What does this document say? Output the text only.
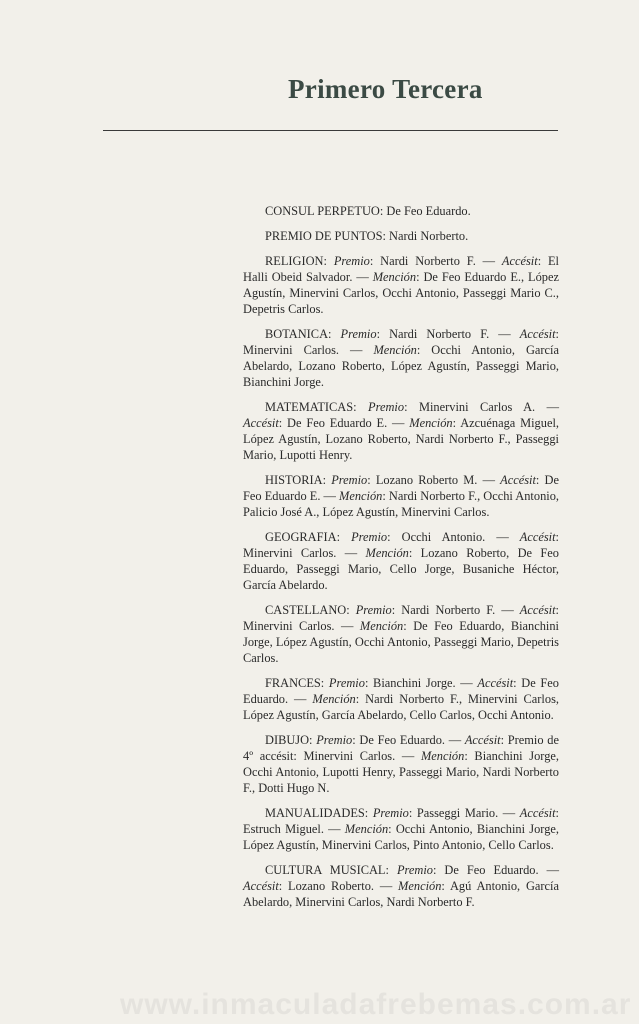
Primero Tercera

CONSUL PERPETUO: De Feo Eduardo.

PREMIO DE PUNTOS: Nardi Norberto.

RELIGION: Premio: Nardi Norberto F. — Accésit: El Halli Obeid Salvador. — Mención: De Feo Eduardo E., López Agustín, Minervini Carlos, Occhi Antonio, Passeggi Mario C., Depetris Carlos.

BOTANICA: Premio: Nardi Norberto F. — Accésit: Minervini Carlos. — Mención: Occhi Antonio, García Abelardo, Lozano Roberto, López Agustín, Passeggi Mario, Bianchini Jorge.

MATEMATICAS: Premio: Minervini Carlos A. — Accésit: De Feo Eduardo E. — Mención: Azcuénaga Miguel, López Agustín, Lozano Roberto, Nardi Norberto F., Passeggi Mario, Lupotti Henry.

HISTORIA: Premio: Lozano Roberto M. — Accésit: De Feo Eduardo E. — Mención: Nardi Norberto F., Occhi Antonio, Palicio José A., López Agustín, Minervini Carlos.

GEOGRAFIA: Premio: Occhi Antonio. — Accésit: Minervini Carlos. — Mención: Lozano Roberto, De Feo Eduardo, Passeggi Mario, Cello Jorge, Busaniche Héctor, García Abelardo.

CASTELLANO: Premio: Nardi Norberto F. — Accésit: Minervini Carlos. — Mención: De Feo Eduardo, Bianchini Jorge, López Agustín, Occhi Antonio, Passeggi Mario, Depetris Carlos.

FRANCES: Premio: Bianchini Jorge. — Accésit: De Feo Eduardo. — Mención: Nardi Norberto F., Minervini Carlos, López Agustín, García Abelardo, Cello Carlos, Occhi Antonio.

DIBUJO: Premio: De Feo Eduardo. — Accésit: Premio de 4º accésit: Minervini Carlos. — Mención: Bianchini Jorge, Occhi Antonio, Lupotti Henry, Passeggi Mario, Nardi Norberto F., Dotti Hugo N.

MANUALIDADES: Premio: Passeggi Mario. — Accésit: Estruch Miguel. — Mención: Occhi Antonio, Bianchini Jorge, López Agustín, Minervini Carlos, Pinto Antonio, Cello Carlos.

CULTURA MUSICAL: Premio: De Feo Eduardo. — Accésit: Lozano Roberto. — Mención: Agú Antonio, García Abelardo, Minervini Carlos, Nardi Norberto F.

www.inmaculadafrebemas.com.ar
